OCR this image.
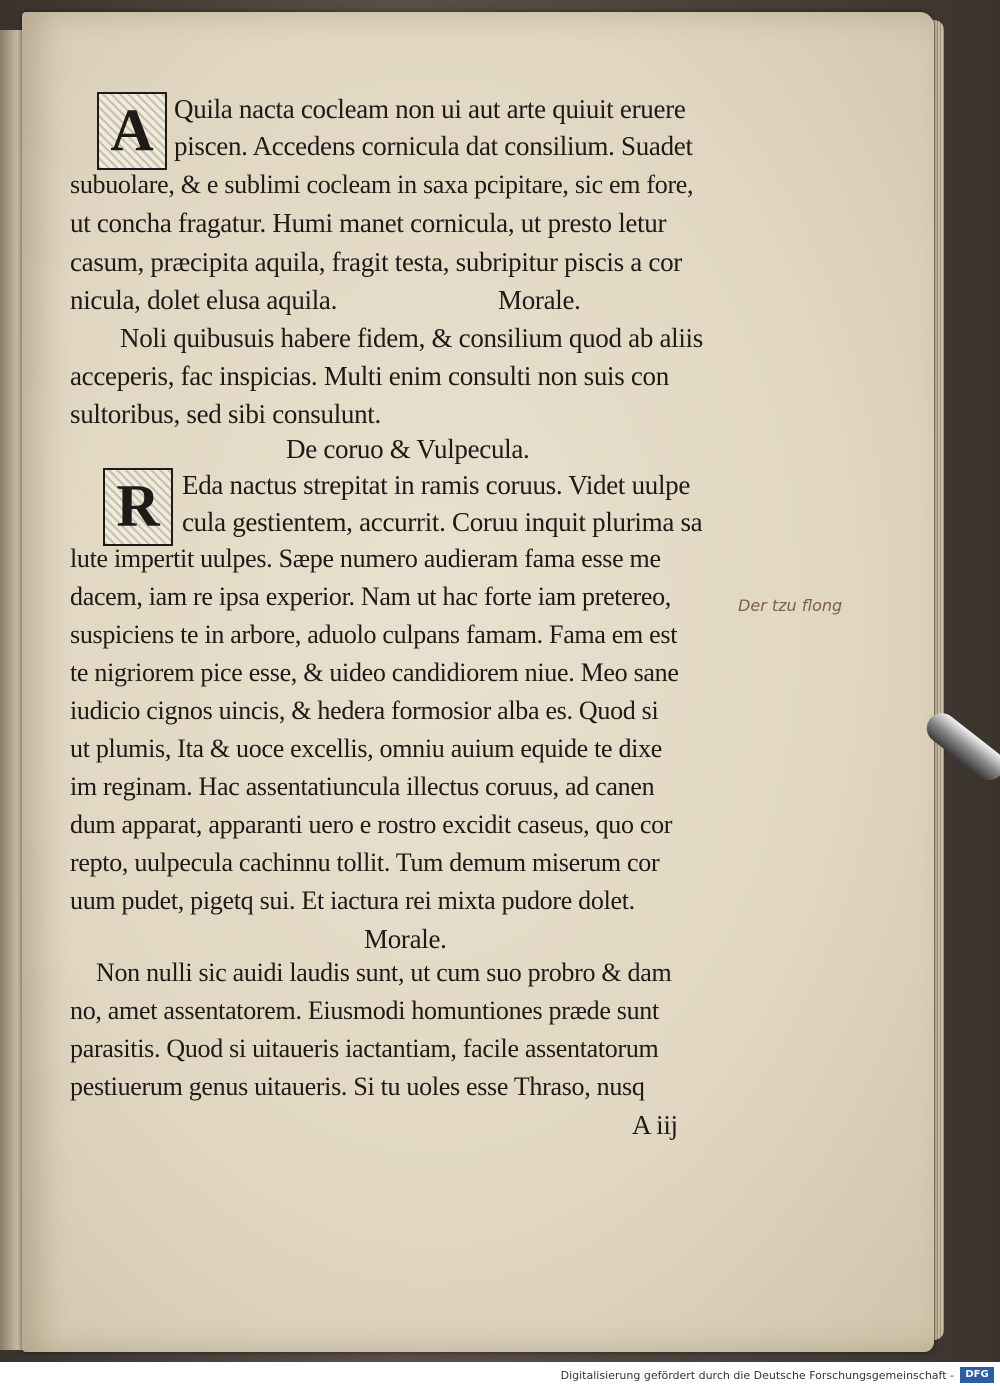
A Quila nacta cocleam non ui aut arte quiuit eruere
piscen. Accedens cornicula dat consilium. Suadet
subuolare, & e sublimi cocleam in saxa pcipitare, sic em fore,
ut concha fragatur. Humi manet cornicula, ut presto letur
casum, præcipita aquila, fragit testa, subripitur piscis a cor
nicula, dolet elusa aquila.	Morale.
Noli quibusuis habere fidem, & consilium quod ab aliis
acceperis, fac inspicias. Multi enim consulti non suis con
sultoribus, sed sibi consulunt.
De coruo & Vulpecula.
R Eda nactus strepitat in ramis coruus. Videt uulpe
cula gestientem, accurrit. Coruu inquit plurima sa
lute impertit uulpes. Sæpe numero audieram fama esse me
dacem, iam re ipsa experior. Nam ut hac forte iam pretereo,
suspiciens te in arbore, aduolo culpans famam. Fama em est
te nigriorem pice esse, & uideo candidiorem niue. Meo sane
iudicio cignos uincis, & hedera formosior alba es. Quod si
ut plumis, Ita & uoce excellis, omniu auium equide te dixe
im reginam. Hac assentatiuncula illectus coruus, ad canen
dum apparat, apparanti uero e rostro excidit caseus, quo cor
repto, uulpecula cachinnu tollit. Tum demum miserum cor
uum pudet, pigetq sui. Et iactura rei mixta pudore dolet.
Morale.
Non nulli sic auidi laudis sunt, ut cum suo probro & dam
no, amet assentatorem. Eiusmodi homuntiones præde sunt
parasitis. Quod si uitaueris iactantiam, facile assentatorum
pestiuerum genus uitaueris. Si tu uoles esse Thraso, nusq
A iij
Der tzu flong
Digitalisierung gefördert durch die Deutsche Forschungsgemeinschaft -	DFG
